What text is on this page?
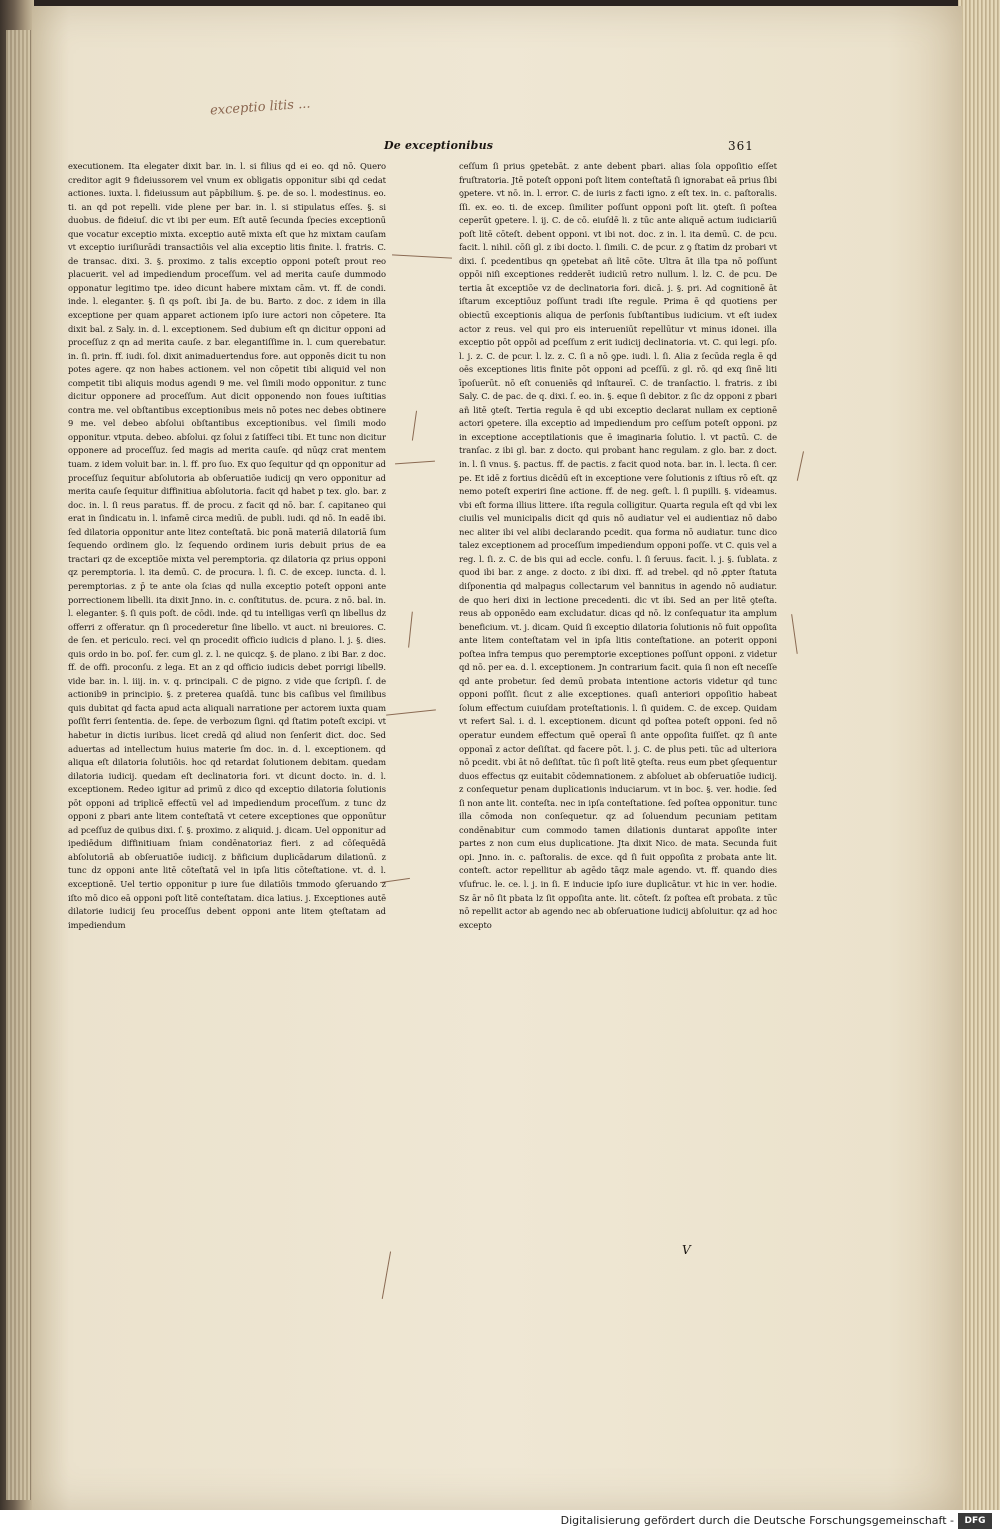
exceptio litis ...
De exceptionibus	361
executionem. Ita elegater dixit bar. in. l. si filius qd ei eo. qd nō. Quero creditor agit 9 fideiussorem vel vnum ex obligatis opponitur sibi qd cedat actiones. iuxta. l. fideiussum aut pāpbilium. §. pe. de so. l. modestinus. eo. ti. an qd pot repelli. vide plene per bar. in. l. si stipulatus eſſes. §. si duobus. de fideiuſ. dic vt ibi per eum. Eſt autē ſecunda ſpecies exceptionū que vocatur exceptio mixta. exceptio autē mixta eſt que hz mixtam cauſam vt exceptio iuriſiurādi transactiōis vel alia exceptio litis finite. l. fratris. C. de transac. dixi. 3. §. proximo. z talis exceptio opponi poteſt prout reo placuerit. vel ad impediendum proceſſum. vel ad merita cauſe dummodo opponatur legitimo tpe. ideo dicunt habere mixtam cām. vt. ff. de condi. inde. l. eleganter. §. ſi qs poſt. ibi Ja. de bu. Barto. z doc. z idem in illa exceptione per quam apparet actionem ipſo iure actori non cōpetere. Ita dixit bal. z Saly. in. d. l. exceptionem. Sed dubium eſt qn dicitur opponi ad proceſſuz z qn ad merita cauſe. z bar. elegantiſſime in. l. cum querebatur. in. ſi. prin. ff. iudi. ſol. dixit animaduertendus fore. aut opponēs dicit tu non potes agere. qz non habes actionem. vel non cōpetit tibi aliquid vel non competit tibi aliquis modus agendi 9 me. vel ſimili modo opponitur. z tunc dicitur opponere ad proceſſum. Aut dicit opponendo non foues iuſtitias contra me. vel obſtantibus exceptionibus meis nō potes nec debes obtinere 9 me. vel debeo abſolui obſtantibus exceptionibus. vel ſimili modo opponitur. vtputa. debeo. abſolui. qz ſolui z ſatiſfeci tibi. Et tunc non dicitur opponere ad proceſſuz. ſed magis ad merita cauſe. qd nūqz crat mentem tuam. z idem voluit bar. in. l. ff. pro ſuo. Ex quo ſequitur qd qn opponitur ad proceſſuz ſequitur abſolutoria ab obſeruatiōe iudicij qn vero opponitur ad merita cauſe ſequitur diffinitiua abſolutoria. facit qd habet p tex. glo. bar. z doc. in. l. ſi reus paratus. ff. de procu. z facit qd nō. bar. ſ. capitaneo qui erat in ſindicatu in. l. infamē circa mediū. de publi. iudi. qd nō. In eadē ibi. ſed dilatoria opponitur ante litez conteſtatā. bic ponā materiā dilatoriā ſum ſequendo ordinem glo. lz ſequendo ordinem iuris debuit prius de ea tractari qz de exceptiōe mixta vel peremptoria. qz dilatoria qz prius opponi qz peremptoria. l. ita demū. C. de procura. l. ſi. C. de excep. iuncta. d. l. peremptorias. z p̄ te ante ola ſcias qd nulla exceptio poteſt opponi ante porrectionem libelli. ita dixit Jnno. in. c. conſtitutus. de. pcura. z nō. bal. in. l. eleganter. §. ſi quis poſt. de cōdi. inde. qd tu intelligas verſi qn libellus dz offerri z offeratur. qn ſi procederetur ſine libello. vt auct. ni breuiores. C. de ſen. et periculo. reci. vel qn procedit officio iudicis d plano. l. j. §. dies. quis ordo in bo. poſ. fer. cum gl. z. l. ne quicqz. §. de plano. z ibi Bar. z doc. ff. de offi. proconſu. z lega. Et an z qd officio iudicis debet porrigi libell9. vide bar. in. l. iiij. in. v. q. principali. C de pigno. z vide que ſcripſi. ſ. de actionib9 in principio. §. z preterea quaſdā. tunc bis caſibus vel ſimilibus quis dubitat qd facta apud acta aliquali narratione per actorem iuxta quam poſſit ferri ſententia. de. ſepe. de verbozum ſigni. qd ſtatim poteſt excipi. vt habetur in dictis iuribus. licet credā qd aliud non ſenſerit dict. doc. Sed aduertas ad intellectum huius materie ſm doc. in. d. l. exceptionem. qd aliqua eſt dilatoria ſolutiōis. hoc qd retardat ſolutionem debitam. quedam dilatoria iudicij. quedam eſt declinatoria fori. vt dicunt docto. in. d. l. exceptionem. Redeo igitur ad primū z dico qd exceptio dilatoria ſolutionis pōt opponi ad triplicē effectū vel ad impediendum proceſſum. z tunc dz opponi z pbari ante litem conteſtatā vt cetere exceptiones que opponūtur ad pceſſuz de quibus dixi. ſ. §. proximo. z aliquid. j. dicam. Uel opponitur ad ipediēdum diffinitiuam ſniam condēnatoriaz fieri. z ad cōſequēdā abſolutoriā ab obſeruatiōe iudicij. z bñficium duplicādarum dilationū. z tunc dz opponi ante litē cōteſtatā vel in ipſa litis cōteſtatione. vt. d. l. exceptionē. Uel tertio opponitur p iure ſue dilatiōis tmmodo ꝯſeruando z iſto mō dico eā opponi poſt litē conteſtatam. dica latius. j. Exceptiones autē dilatorie iudicij ſeu proceſſus debent opponi ante litem ꝯteſtatam ad impediendum
ceſſum ſi prius ꝯpetebāt. z ante debent pbari. alias ſola oppoſitio eſſet fruſtratoria. Jtē poteſt opponi poſt litem conteſtatā ſi ignorabat eā prius ſibi ꝯpetere. vt nō. in. l. error. C. de iuris z facti igno. z eſt tex. in. c. paſtoralis. ſſi. ex. eo. ti. de excep. ſimiliter poſſunt opponi poſt lit. ꝯteſt. ſi poſtea ceperūt ꝯpetere. l. ij. C. de cō. eiuſdē li. z tūc ante aliquē actum iudiciariū poſt litē cōteſt. debent opponi. vt ibi not. doc. z in. l. ita demū. C. de pcu. facit. l. nihil. cōſi gl. z ibi docto. l. ſimili. C. de pcur. z ꝯ ſtatim dz probari vt dixi. ſ. pcedentibus qn ꝯpetebat añ litē cōte. Ultra āt illa tpa nō poſſunt oppōi niſi exceptiones redderēt iudiciū retro nullum. l. lz. C. de pcu. De tertia āt exceptiōe vz de declinatoria fori. dicā. j. §. pri. Ad cognitionē āt iſtarum exceptiōuz poſſunt tradi iſte regule. Prima ē qd quotiens per obiectū exceptionis aliqua de perſonis ſubſtantibus iudicium. vt eſt iudex actor z reus. vel qui pro eis interueniūt repellūtur vt minus idonei. illa exceptio pōt oppōi ad pceſſum z erit iudicij declinatoria. vt. C. qui legi. pſo. l. j. z. C. de pcur. l. lz. z. C. ſi a nō ꝯpe. iudi. l. ſi. Alia z ſecūda regla ē qd oēs exceptiones litis finite pōt opponi ad pceſſū. z gl. rō. qd exq ſinē liti īpoſuerūt. nō eſt conueniēs qd inſtaureī. C. de tranſactio. l. fratris. z ibi Saly. C. de pac. de q. dixi. ſ. eo. in. §. eque ſi debitor. z ſic dz opponi z pbari añ litē ꝯteſt. Tertia regula ē qd ubi exceptio declarat nullam ex ceptionē actori ꝯpetere. illa exceptio ad impediendum pro ceſſum poteſt opponi. pz in exceptione acceptilationis que ē imaginaria ſolutio. l. vt pactū. C. de tranſac. z ibi gl. bar. z docto. qui probant hanc regulam. z glo. bar. z doct. in. l. ſi vnus. §. pactus. ff. de pactis. z facit quod nota. bar. in. l. lecta. ſi cer. pe. Et idē z fortius dicēdū eſt in exceptione vere ſolutionis z iſtius rō eſt. qz nemo poteſt experiri ſine actione. ff. de neg. geſt. l. ſi pupilli. §. videamus. vbi eſt forma illius littere. iſta regula colligitur. Quarta regula eſt qd vbi lex ciuilis vel municipalis dicit qd quis nō audiatur vel ei audientiaz nō dabo nec aliter ibi vel alibi declarando pcedit. qua forma nō audiatur. tunc dico talez exceptionem ad proceſſum impediendum opponi poſſe. vt C. quis vel a reg. l. ſi. z. C. de bis qui ad eccle. confu. l. ſi ſeruus. facit. l. j. §. ſublata. z quod ibi bar. z ange. z docto. z ibi dixi. ff. ad trebel. qd nō ꝓpter ſtatuta diſponentia qd malpagus collectarum vel bannitus in agendo nō audiatur. de quo heri dixi in lectione precedenti. dic vt ibi. Sed an per litē ꝯteſta. reus ab opponēdo eam excludatur. dicas qd nō. lz conſequatur ita amplum beneficium. vt. j. dicam. Quid ſi exceptio dilatoria ſolutionis nō fuit oppoſita ante litem conteſtatam vel in ipſa litis conteſtatione. an poterit opponi poſtea infra tempus quo peremptorie exceptiones poſſunt opponi. z videtur qd nō. per ea. d. l. exceptionem. Jn contrarium facit. quia ſi non eſt neceſſe qd ante probetur. ſed demū probata intentione actoris videtur qd tunc opponi poſſit. ſicut z alie exceptiones. quaſi anteriori oppoſitio habeat ſolum effectum cuiuſdam proteſtationis. l. ſi quidem. C. de excep. Quidam vt refert Sal. i. d. l. exceptionem. dicunt qd poſtea poteſt opponi. ſed nō operatur eundem effectum quē operaī ſi ante oppoſita fuiſſet. qz ſi ante opponaī z actor deſiſtat. qd facere pōt. l. j. C. de plus peti. tūc ad ulteriora nō pcedit. vbi āt nō deſiſtat. tūc ſi poſt litē ꝯteſta. reus eum pbet ꝯſequentur duos effectus qz euitabit cōdemnationem. z abſoluet ab obſeruatiōe iudicij. z conſequetur penam duplicationis induciarum. vt in boc. §. ver. hodie. ſed ſi non ante lit. conteſta. nec in ipſa conteſtatione. ſed poſtea opponitur. tunc illa cōmoda non conſequetur. qz ad ſoluendum pecuniam petitam condēnabitur cum commodo tamen dilationis duntarat appoſite inter partes z non cum eius duplicatione. Jta dixit Nico. de mata. Secunda fuit opi. Jnno. in. c. paſtoralis. de exce. qd ſi fuit oppoſita z probata ante lit. conteſt. actor repellitur ab agēdo tāqz male agendo. vt. ff. quando dies vſufruc. le. ce. l. j. in ſi. E inducie ipſo iure duplicātur. vt hic in ver. hodie. Sz ār nō ſit pbata lz ſit oppoſita ante. lit. cōteſt. ſz poſtea eſt probata. z tūc nō repellit actor ab agendo nec ab obſeruatione iudicij abſoluitur. qz ad hoc excepto
V
Digitalisierung gefördert durch die Deutsche Forschungsgemeinschaft -	DFG
